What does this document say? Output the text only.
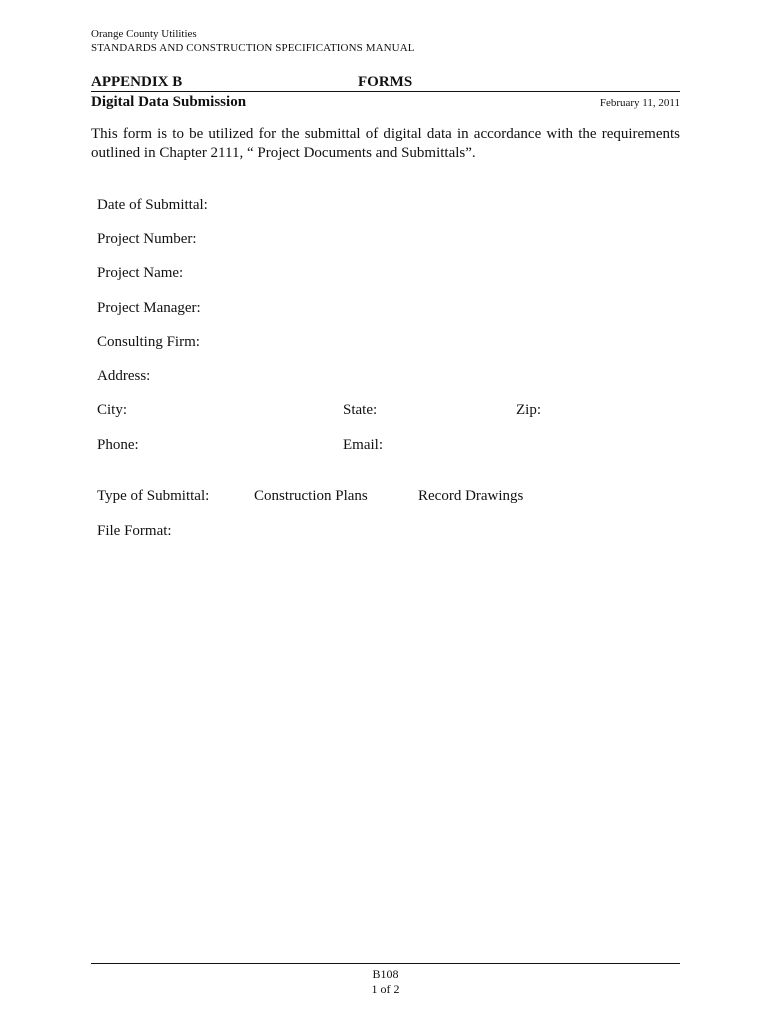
Orange County Utilities
STANDARDS AND CONSTRUCTION SPECIFICATIONS MANUAL
APPENDIX B	FORMS
Digital Data Submission	February 11, 2011
This form is to be utilized for the submittal of digital data in accordance with the requirements outlined in Chapter 2111, “ Project Documents and Submittals”.
Date of Submittal:
Project Number:
Project Name:
Project Manager:
Consulting Firm:
Address:
City:	State:	Zip:
Phone:	Email:
Type of Submittal:	Construction Plans	Record Drawings
File Format:
B108
1 of 2
